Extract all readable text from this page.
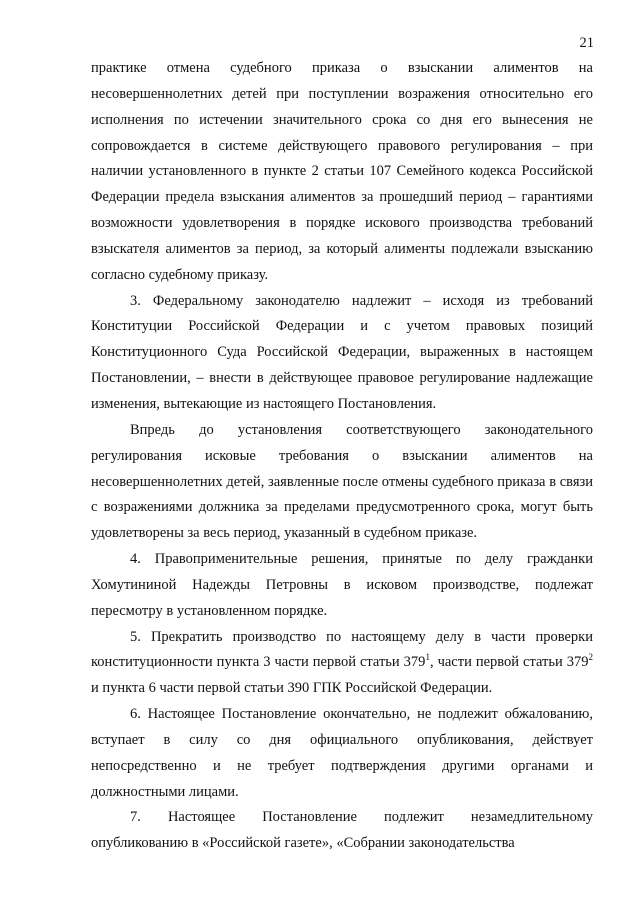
21

практике отмена судебного приказа о взыскании алиментов на несовершеннолетних детей при поступлении возражения относительно его исполнения по истечении значительного срока со дня его вынесения не сопровождается в системе действующего правового регулирования – при наличии установленного в пункте 2 статьи 107 Семейного кодекса Российской Федерации предела взыскания алиментов за прошедший период – гарантиями возможности удовлетворения в порядке искового производства требований взыскателя алиментов за период, за который алименты подлежали взысканию согласно судебному приказу.

3. Федеральному законодателю надлежит – исходя из требований Конституции Российской Федерации и с учетом правовых позиций Конституционного Суда Российской Федерации, выраженных в настоящем Постановлении, – внести в действующее правовое регулирование надлежащие изменения, вытекающие из настоящего Постановления.

Впредь до установления соответствующего законодательного регулирования исковые требования о взыскании алиментов на несовершеннолетних детей, заявленные после отмены судебного приказа в связи с возражениями должника за пределами предусмотренного срока, могут быть удовлетворены за весь период, указанный в судебном приказе.

4. Правоприменительные решения, принятые по делу гражданки Хомутининой Надежды Петровны в исковом производстве, подлежат пересмотру в установленном порядке.

5. Прекратить производство по настоящему делу в части проверки конституционности пункта 3 части первой статьи $379^1$, части первой статьи $379^2$ и пункта 6 части первой статьи 390 ГПК Российской Федерации.

6. Настоящее Постановление окончательно, не подлежит обжалованию, вступает в силу со дня официального опубликования, действует непосредственно и не требует подтверждения другими органами и должностными лицами.

7. Настоящее Постановление подлежит незамедлительному опубликованию в «Российской газете», «Собрании законодательства
